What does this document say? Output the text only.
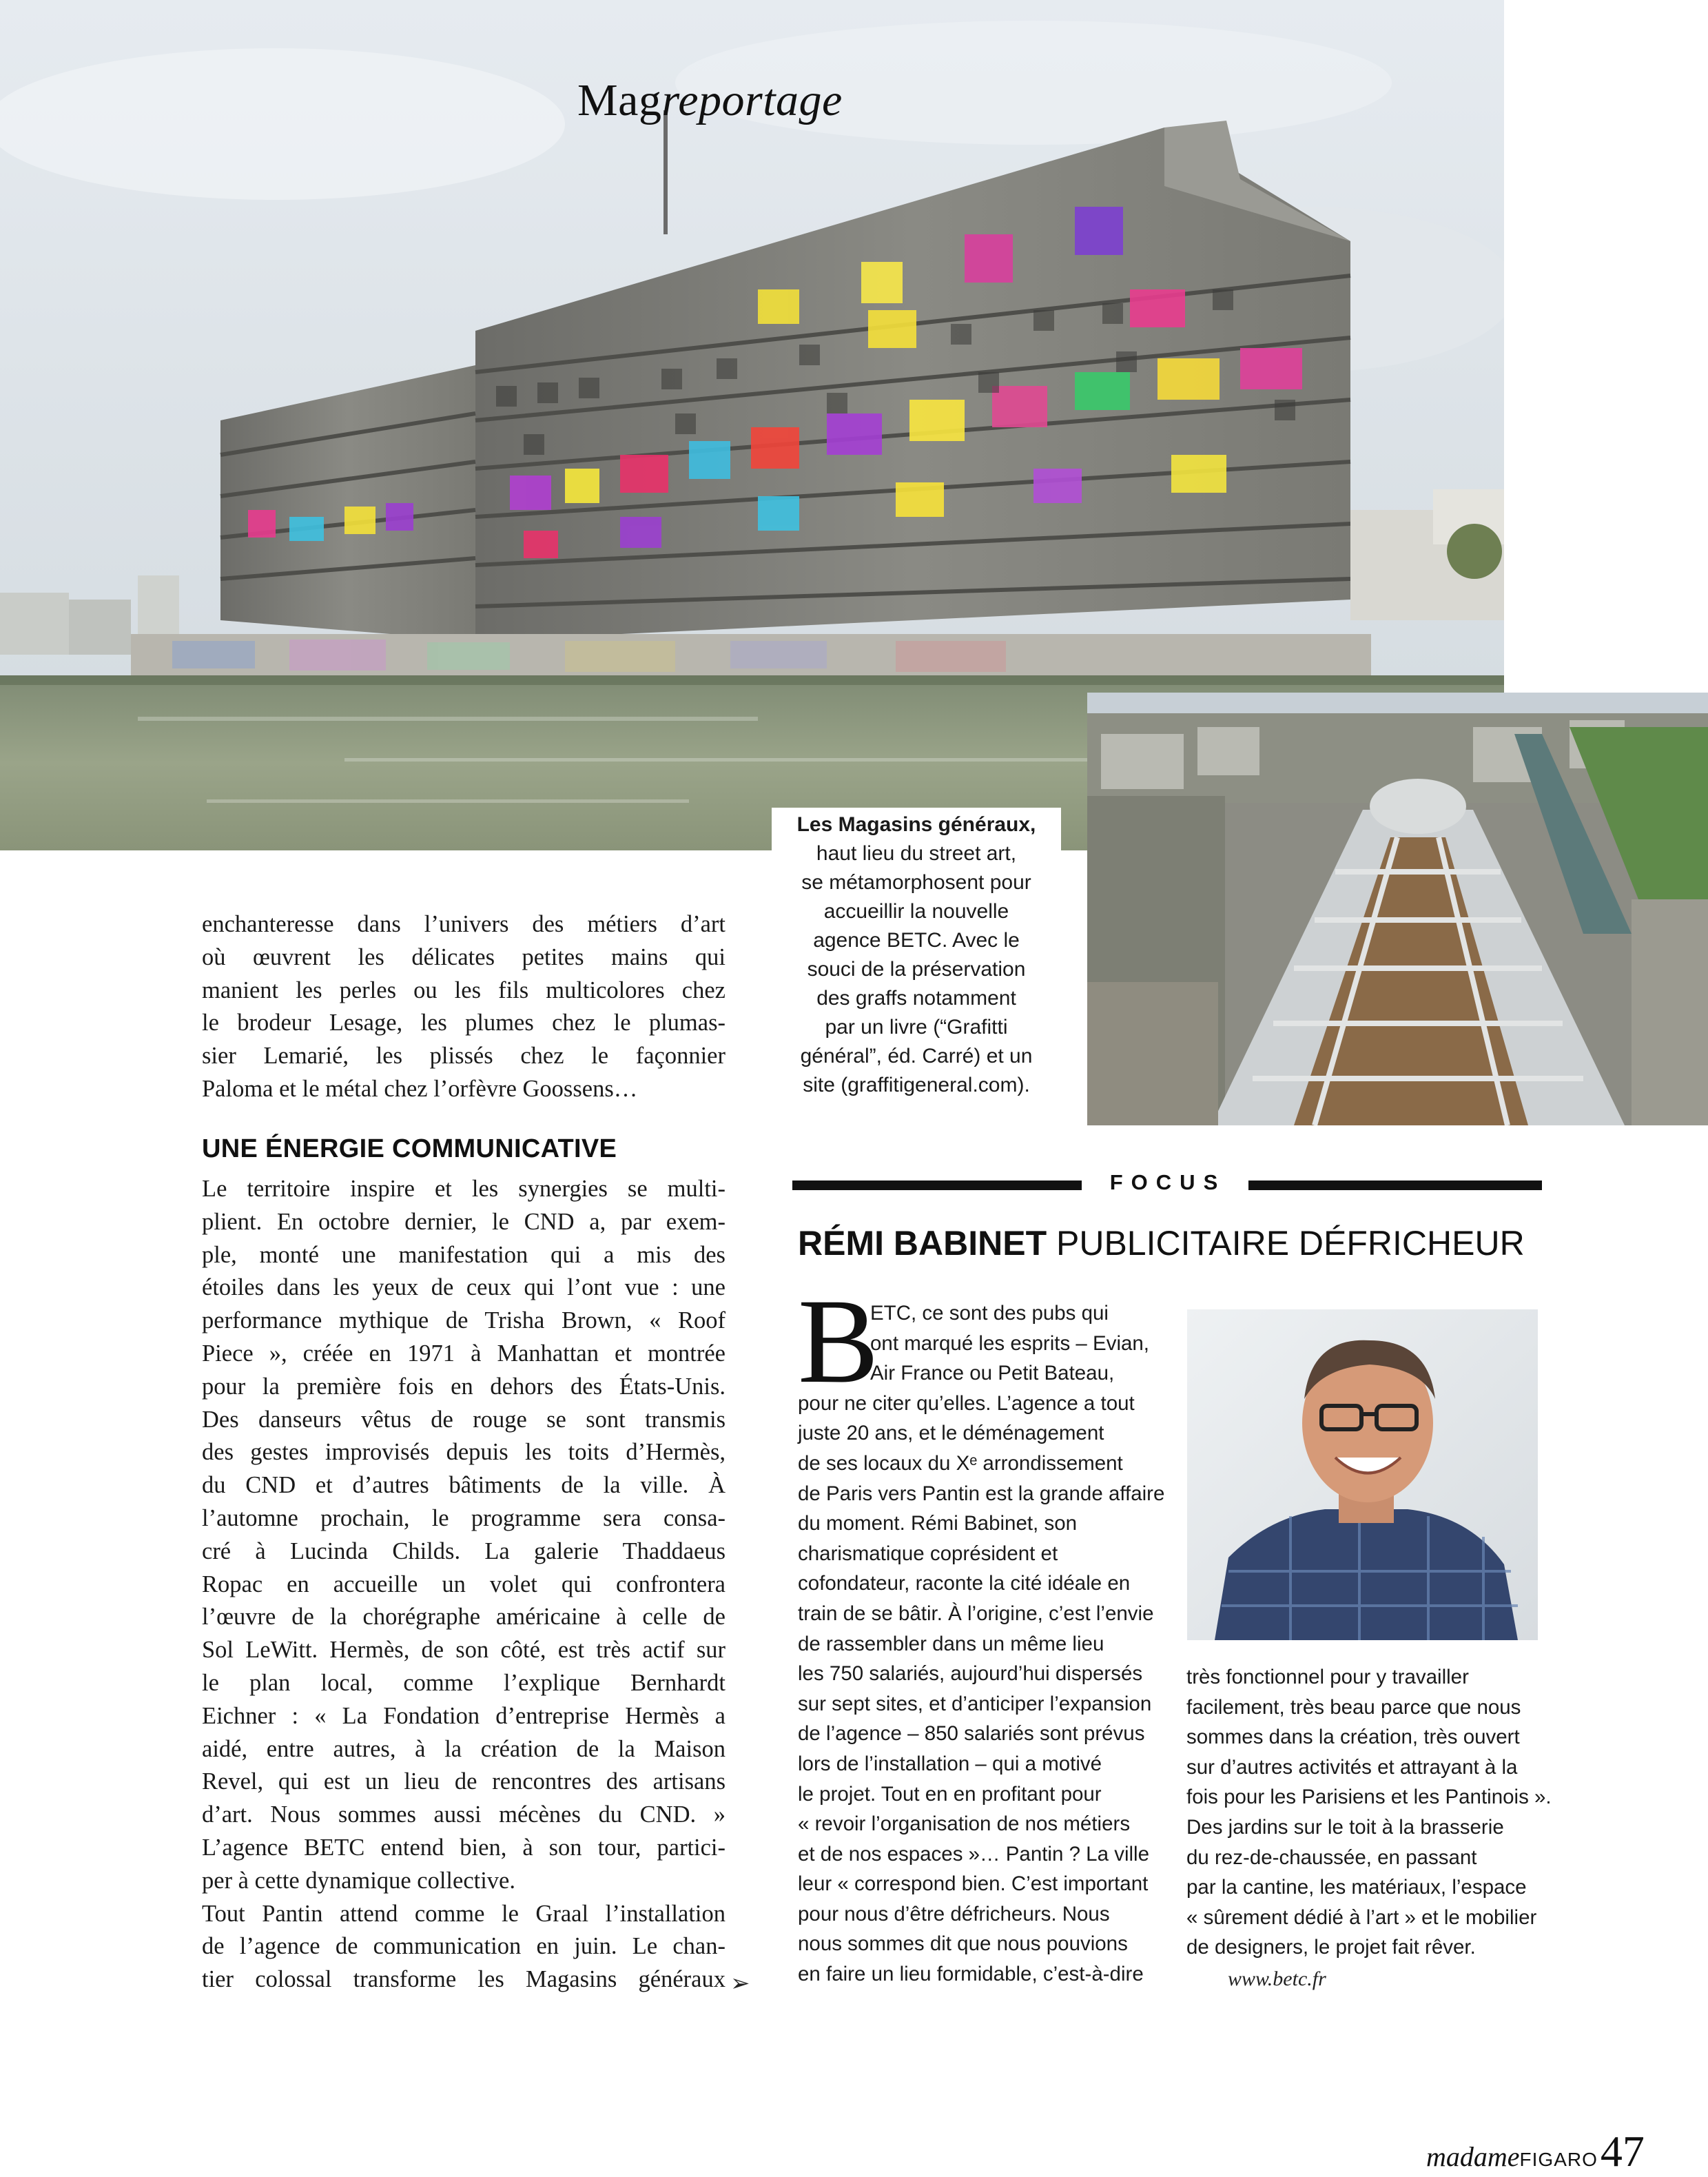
Magreportage
Les Magasins généraux,
haut lieu du street art,
se métamorphosent pour
accueillir la nouvelle
agence BETC. Avec le
souci de la préservation
des graffs notamment
par un livre (“Grafitti
général”, éd. Carré) et un
site (graffitigeneral.com).
enchanteresse dans l’univers des métiers d’art
où œuvrent les délicates petites mains qui
manient les perles ou les fils multicolores chez
le brodeur Lesage, les plumes chez le plumas-
sier Lemarié, les plissés chez le façonnier
Paloma et le métal chez l’orfèvre Goossens…
UNE ÉNERGIE COMMUNICATIVE
Le territoire inspire et les synergies se multi-
plient. En octobre dernier, le CND a, par exem-
ple, monté une manifestation qui a mis des
étoiles dans les yeux de ceux qui l’ont vue : une
performance mythique de Trisha Brown, « Roof
Piece », créée en 1971 à Manhattan et montrée
pour la première fois en dehors des États-Unis.
Des danseurs vêtus de rouge se sont transmis
des gestes improvisés depuis les toits d’Hermès,
du CND et d’autres bâtiments de la ville. À
l’automne prochain, le programme sera consa-
cré à Lucinda Childs. La galerie Thaddaeus
Ropac en accueille un volet qui confrontera
l’œuvre de la chorégraphe américaine à celle de
Sol LeWitt. Hermès, de son côté, est très actif sur
le plan local, comme l’explique Bernhardt
Eichner : « La Fondation d’entreprise Hermès a
aidé, entre autres, à la création de la Maison
Revel, qui est un lieu de rencontres des artisans
d’art. Nous sommes aussi mécènes du CND. »
L’agence BETC entend bien, à son tour, partici-
per à cette dynamique collective.
Tout Pantin attend comme le Graal l’installation
de l’agence de communication en juin. Le chan-
tier colossal transforme les Magasins généraux ➢
FOCUS
RÉMI BABINET PUBLICITAIRE DÉFRICHEUR
B
ETC, ce sont des pubs qui
ont marqué les esprits – Evian,
Air France ou Petit Bateau,
pour ne citer qu’elles. L’agence a tout
juste 20 ans, et le déménagement
de ses locaux du Xᵉ arrondissement
de Paris vers Pantin est la grande affaire
du moment. Rémi Babinet, son
charismatique coprésident et
cofondateur, raconte la cité idéale en
train de se bâtir. À l’origine, c’est l’envie
de rassembler dans un même lieu
les 750 salariés, aujourd’hui dispersés
sur sept sites, et d’anticiper l’expansion
de l’agence – 850 salariés sont prévus
lors de l’installation – qui a motivé
le projet. Tout en en profitant pour
« revoir l’organisation de nos métiers
et de nos espaces »… Pantin ? La ville
leur « correspond bien. C’est important
pour nous d’être défricheurs. Nous
nous sommes dit que nous pouvions
en faire un lieu formidable, c’est-à-dire
très fonctionnel pour y travailler
facilement, très beau parce que nous
sommes dans la création, très ouvert
sur d’autres activités et attrayant à la
fois pour les Parisiens et les Pantinois ».
Des jardins sur le toit à la brasserie
du rez-de-chaussée, en passant
par la cantine, les matériaux, l’espace
« sûrement dédié à l’art » et le mobilier
de designers, le projet fait rêver.
www.betc.fr
madameFIGARO47
